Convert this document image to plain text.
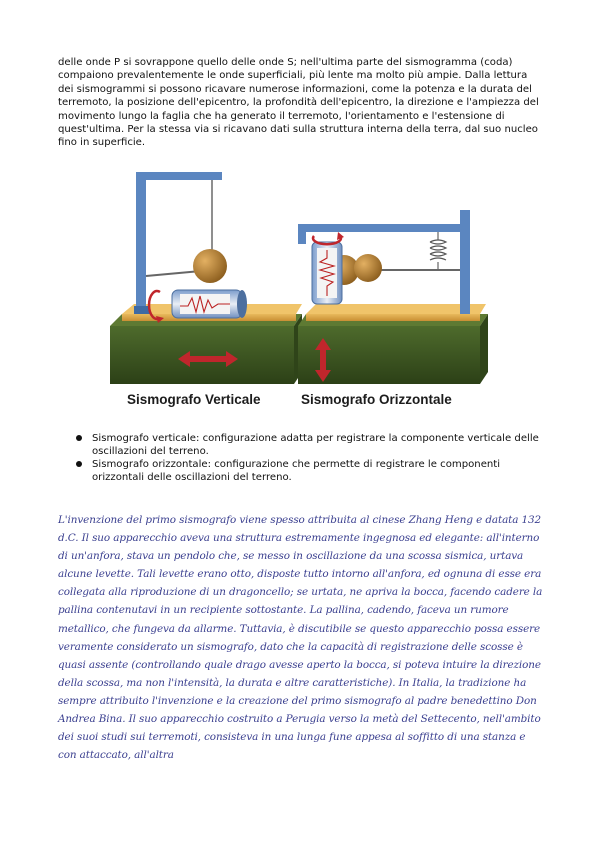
delle onde P si sovrappone quello delle onde S; nell'ultima parte del sismogramma (coda) compaiono prevalentemente le onde superficiali, più lente ma molto più ampie. Dalla lettura dei sismogrammi si possono ricavare numerose informazioni, come la potenza e la durata del terremoto, la posizione dell'epicentro, la profondità dell'epicentro, la direzione e l'ampiezza del movimento lungo la faglia che ha generato il terremoto, l'orientamento e l'estensione di quest'ultima. Per la stessa via si ricavano dati sulla struttura interna della terra, dal suo nucleo fino in superficie.

Sismografo Verticale	Sismografo Orizzontale
Sismografo verticale: configurazione adatta per registrare la componente verticale delle oscillazioni del terreno.
Sismografo orizzontale: configurazione che permette di registrare le componenti orizzontali delle oscillazioni del terreno.

L'invenzione del primo sismografo viene spesso attribuita al cinese Zhang Heng e datata 132 d.C. Il suo apparecchio aveva una struttura estremamente ingegnosa ed elegante: all'interno di un'anfora, stava un pendolo che, se messo in oscillazione da una scossa sismica, urtava alcune levette. Tali levette erano otto, disposte tutto intorno all'anfora, ed ognuna di esse era collegata alla riproduzione di un dragoncello; se urtata, ne apriva la bocca, facendo cadere la pallina contenutavi in un recipiente sottostante. La pallina, cadendo, faceva un rumore metallico, che fungeva da allarme. Tuttavia, è discutibile se questo apparecchio possa essere veramente considerato un sismografo, dato che la capacità di registrazione delle scosse è quasi assente (controllando quale drago avesse aperto la bocca, si poteva intuire la direzione della scossa, ma non l'intensità, la durata e altre caratteristiche). In Italia, la tradizione ha sempre attribuito l'invenzione e la creazione del primo sismografo al padre benedettino Don Andrea Bina. Il suo apparecchio costruito a Perugia verso la metà del Settecento, nell'ambito dei suoi studi sui terremoti, consisteva in una lunga fune appesa al soffitto di una stanza e con attaccato, all'altra
